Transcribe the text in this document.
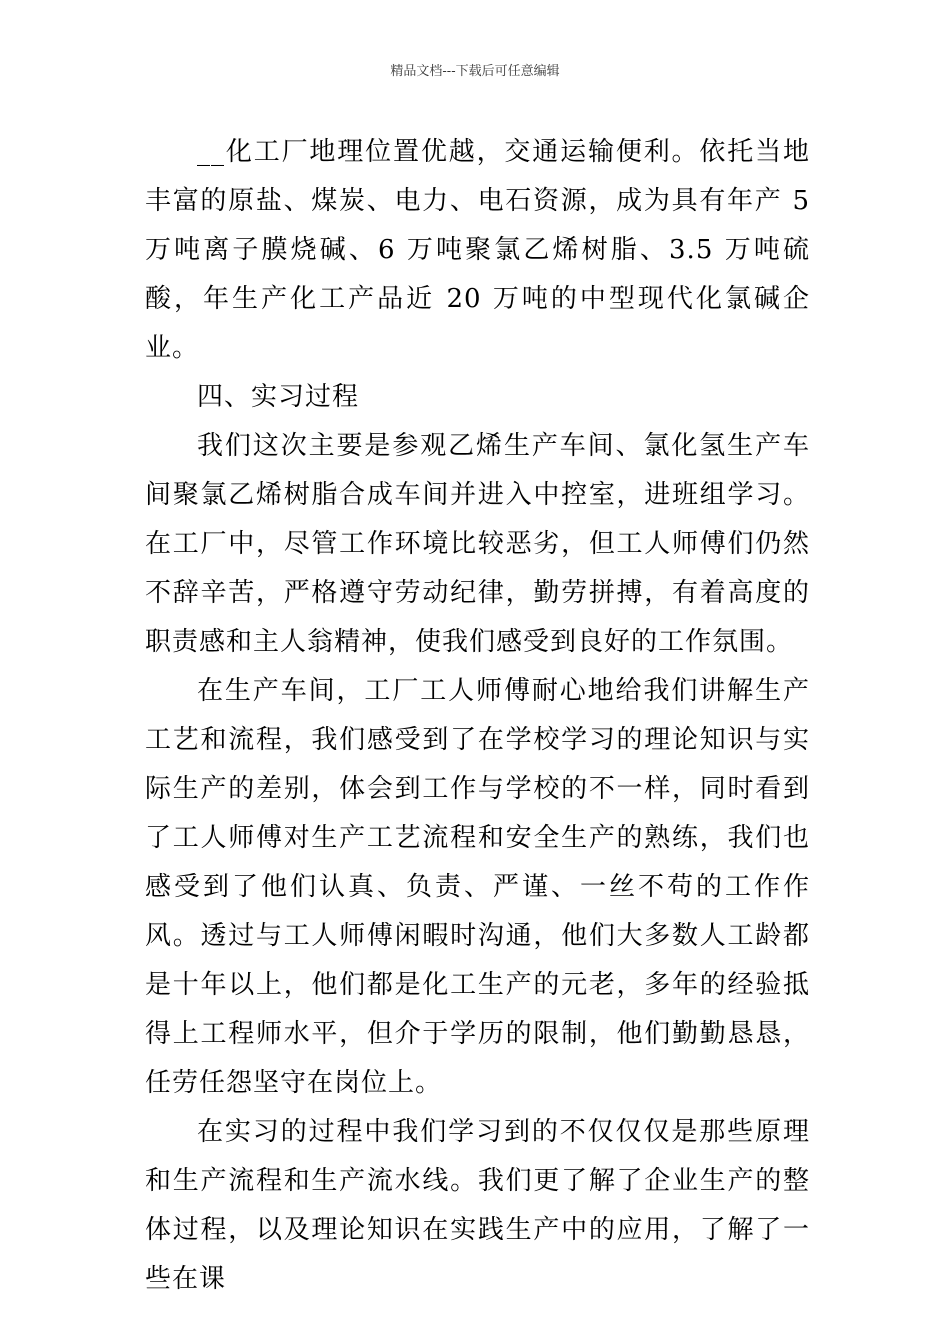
精品文档---下载后可任意编辑

__化工厂地理位置优越，交通运输便利。依托当地丰富的原盐、煤炭、电力、电石资源，成为具有年产 5 万吨离子膜烧碱、6 万吨聚氯乙烯树脂、3.5 万吨硫酸，年生产化工产品近 20 万吨的中型现代化氯碱企业。

四、实习过程

我们这次主要是参观乙烯生产车间、氯化氢生产车间聚氯乙烯树脂合成车间并进入中控室，进班组学习。在工厂中，尽管工作环境比较恶劣，但工人师傅们仍然不辞辛苦，严格遵守劳动纪律，勤劳拼搏，有着高度的职责感和主人翁精神，使我们感受到良好的工作氛围。

在生产车间，工厂工人师傅耐心地给我们讲解生产工艺和流程，我们感受到了在学校学习的理论知识与实际生产的差别，体会到工作与学校的不一样，同时看到了工人师傅对生产工艺流程和安全生产的熟练，我们也感受到了他们认真、负责、严谨、一丝不苟的工作作风。透过与工人师傅闲暇时沟通，他们大多数人工龄都是十年以上，他们都是化工生产的元老，多年的经验抵得上工程师水平，但介于学历的限制，他们勤勤恳恳，任劳任怨坚守在岗位上。

在实习的过程中我们学习到的不仅仅仅是那些原理和生产流程和生产流水线。我们更了解了企业生产的整体过程，以及理论知识在实践生产中的应用，了解了一些在课
